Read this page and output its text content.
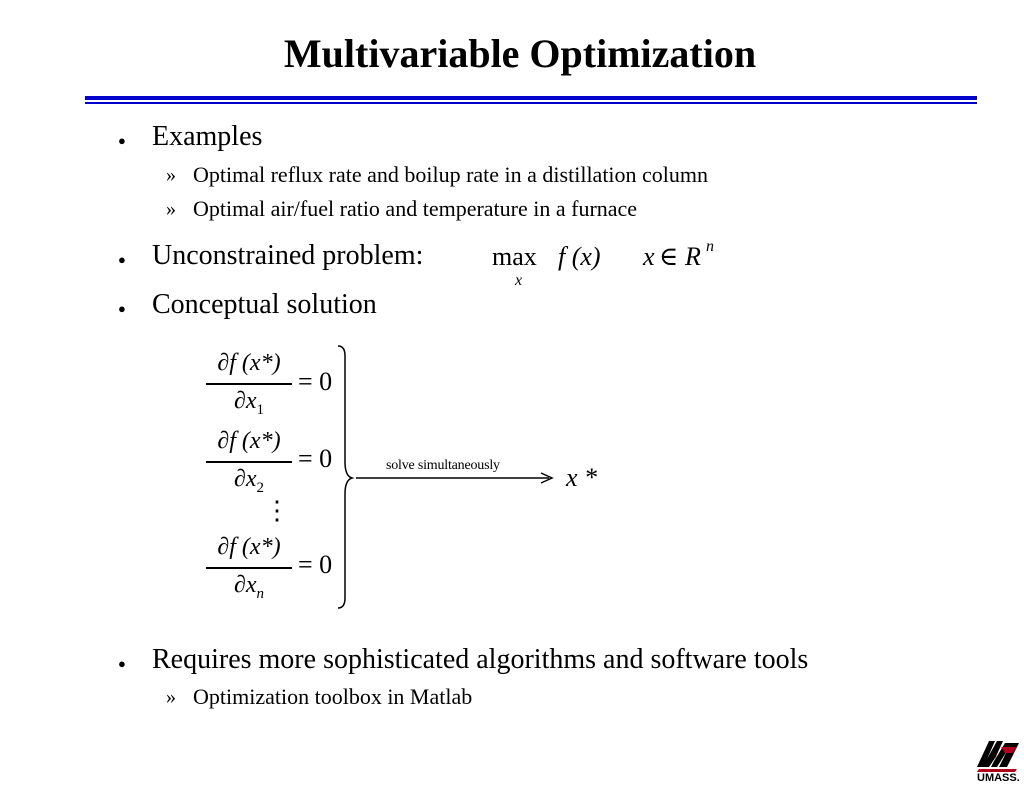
Multivariable Optimization
● Examples
» Optimal reflux rate and boilup rate in a distillation column
» Optimal air/fuel ratio and temperature in a furnace
● Unconstrained problem:	max
x
f (x) x ∈ R n
● Conceptual solution
∂f (x*)
$\partial x_1$
= 0
∂f (x*)
$\partial x_2$
= 0
⋮
∂f (x*)
$\partial x_n$
= 0
solve simultaneously	x *
● Requires more sophisticated algorithms and software tools
» Optimization toolbox in Matlab
UMASS.
